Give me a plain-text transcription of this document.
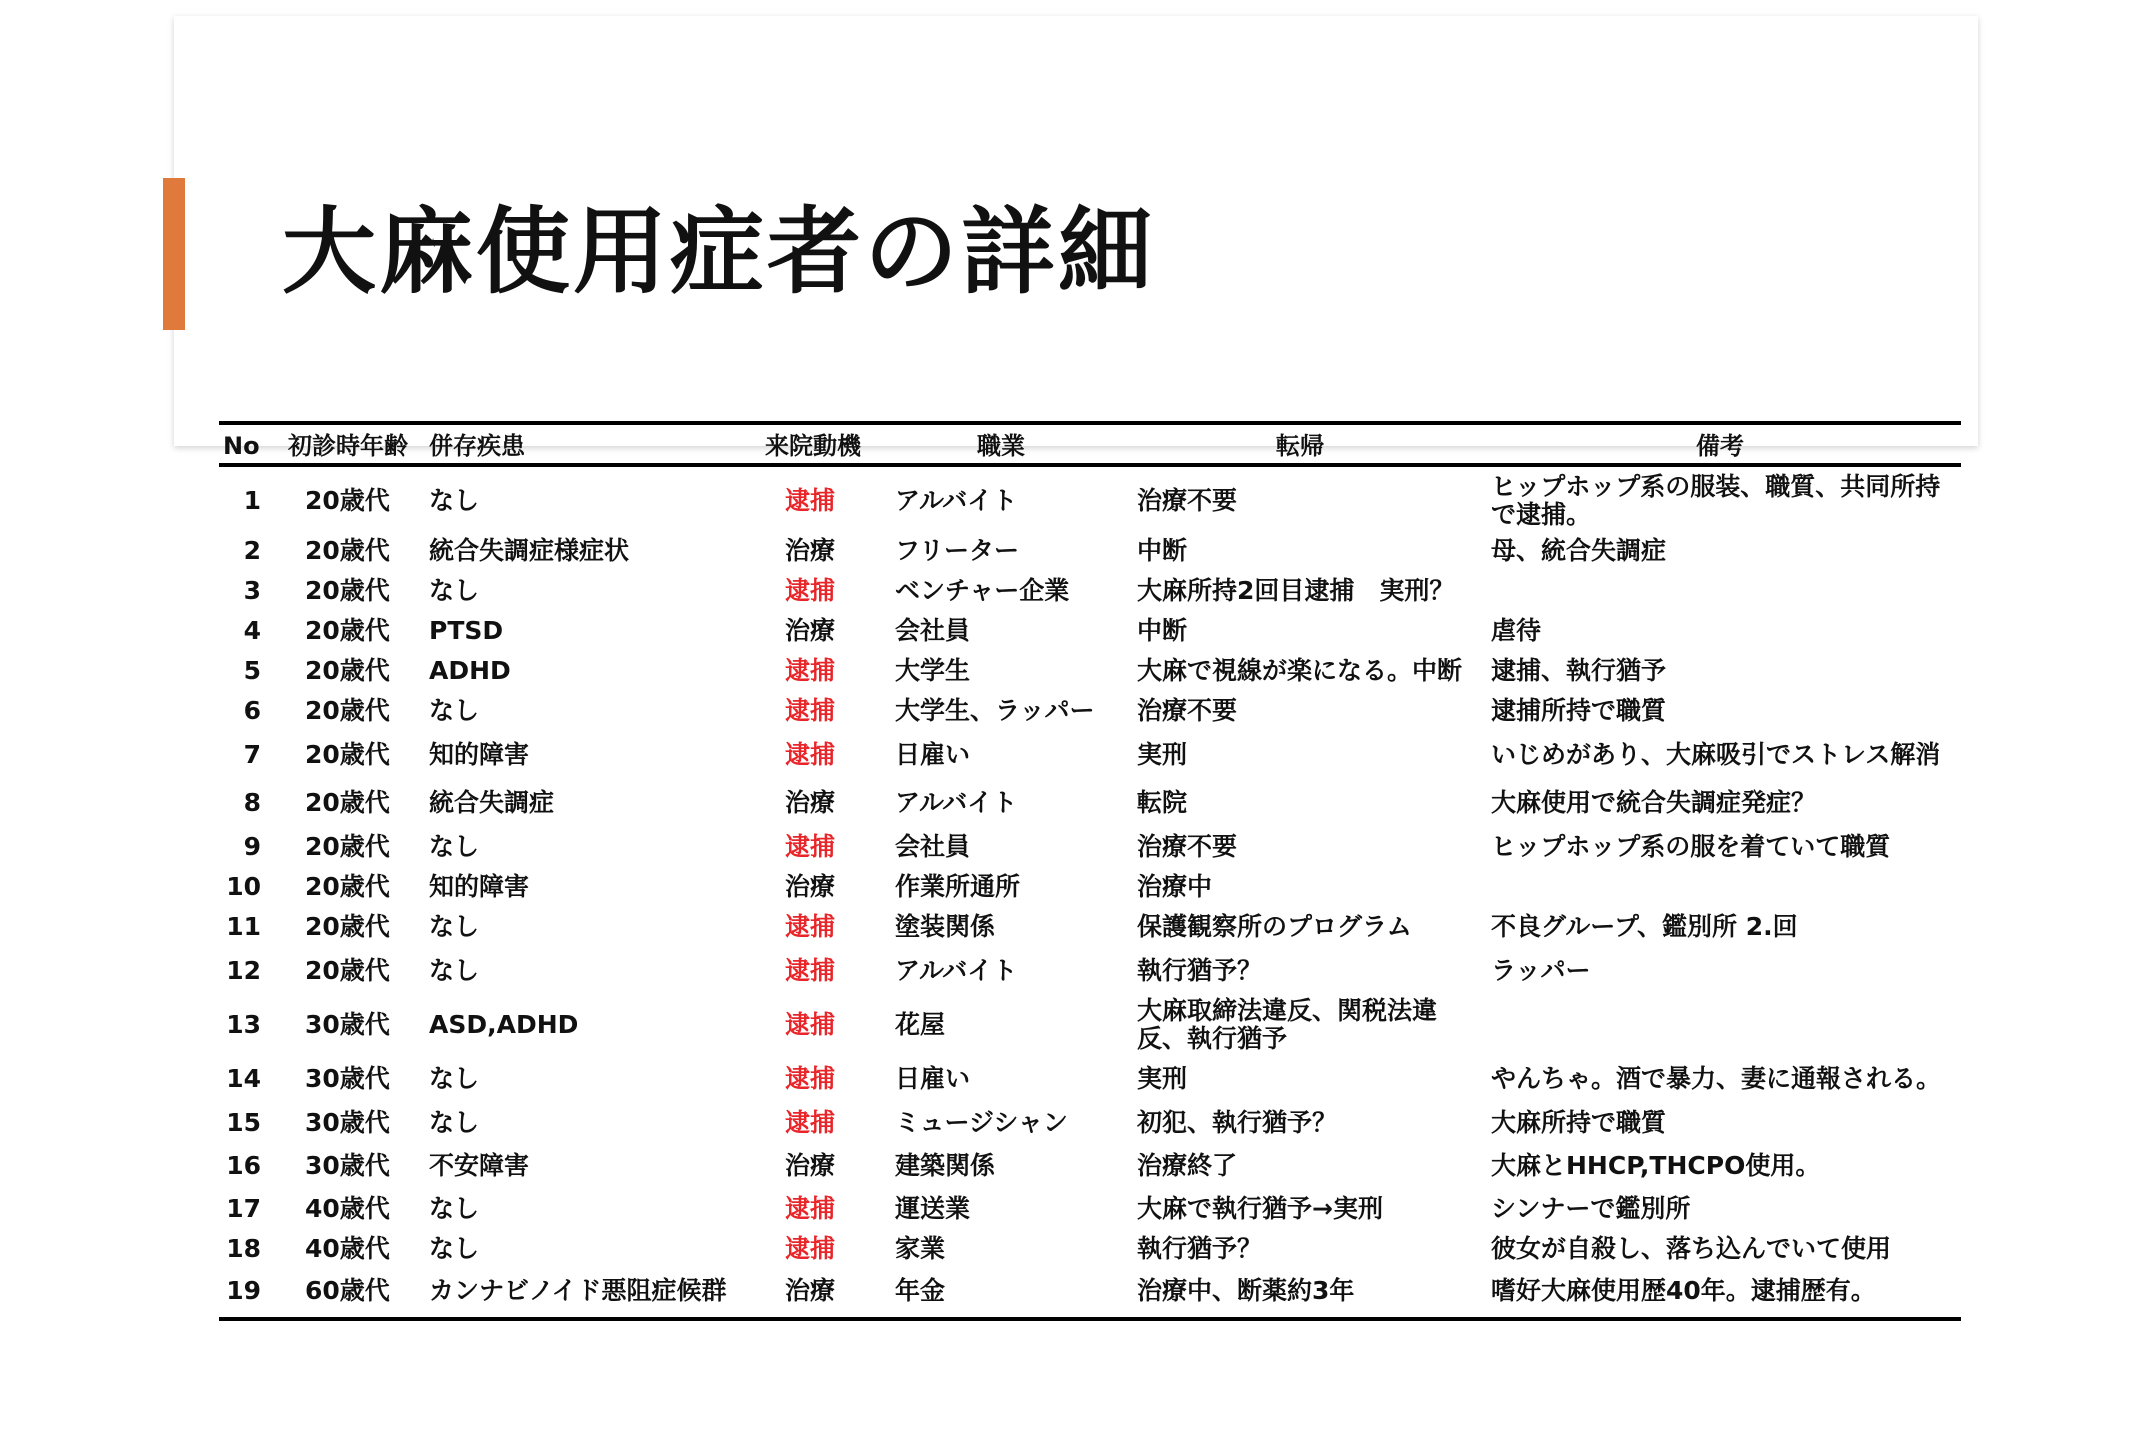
大麻使用症者の詳細
No	初診時年齢	併存疾患	来院動機	職業	転帰	備考
1	20歳代	なし	逮捕	アルバイト	治療不要	ヒップホップ系の服装、職質、共同所持で逮捕。
2	20歳代	統合失調症様症状	治療	フリーター	中断	母、統合失調症
3	20歳代	なし	逮捕	ベンチャー企業	大麻所持2回目逮捕　実刑？	
4	20歳代	PTSD	治療	会社員	中断	虐待
5	20歳代	ADHD	逮捕	大学生	大麻で視線が楽になる。中断	逮捕、執行猶予
6	20歳代	なし	逮捕	大学生、ラッパー	治療不要	逮捕所持で職質
7	20歳代	知的障害	逮捕	日雇い	実刑	いじめがあり、大麻吸引でストレス解消
8	20歳代	統合失調症	治療	アルバイト	転院	大麻使用で統合失調症発症？
9	20歳代	なし	逮捕	会社員	治療不要	ヒップホップ系の服を着ていて職質
10	20歳代	知的障害	治療	作業所通所	治療中	
11	20歳代	なし	逮捕	塗装関係	保護観察所のプログラム	不良グループ、鑑別所 2.回
12	20歳代	なし	逮捕	アルバイト	執行猶予？	ラッパー
13	30歳代	ASD,ADHD	逮捕	花屋	大麻取締法違反、関税法違反、執行猶予	
14	30歳代	なし	逮捕	日雇い	実刑	やんちゃ。酒で暴力、妻に通報される。
15	30歳代	なし	逮捕	ミュージシャン	初犯、執行猶予？	大麻所持で職質
16	30歳代	不安障害	治療	建築関係	治療終了	大麻とHHCP,THCPO使用。
17	40歳代	なし	逮捕	運送業	大麻で執行猶予→実刑	シンナーで鑑別所
18	40歳代	なし	逮捕	家業	執行猶予？	彼女が自殺し、落ち込んでいて使用
19	60歳代	カンナビノイド悪阻症候群	治療	年金	治療中、断薬約3年	嗜好大麻使用歴40年。逮捕歴有。
